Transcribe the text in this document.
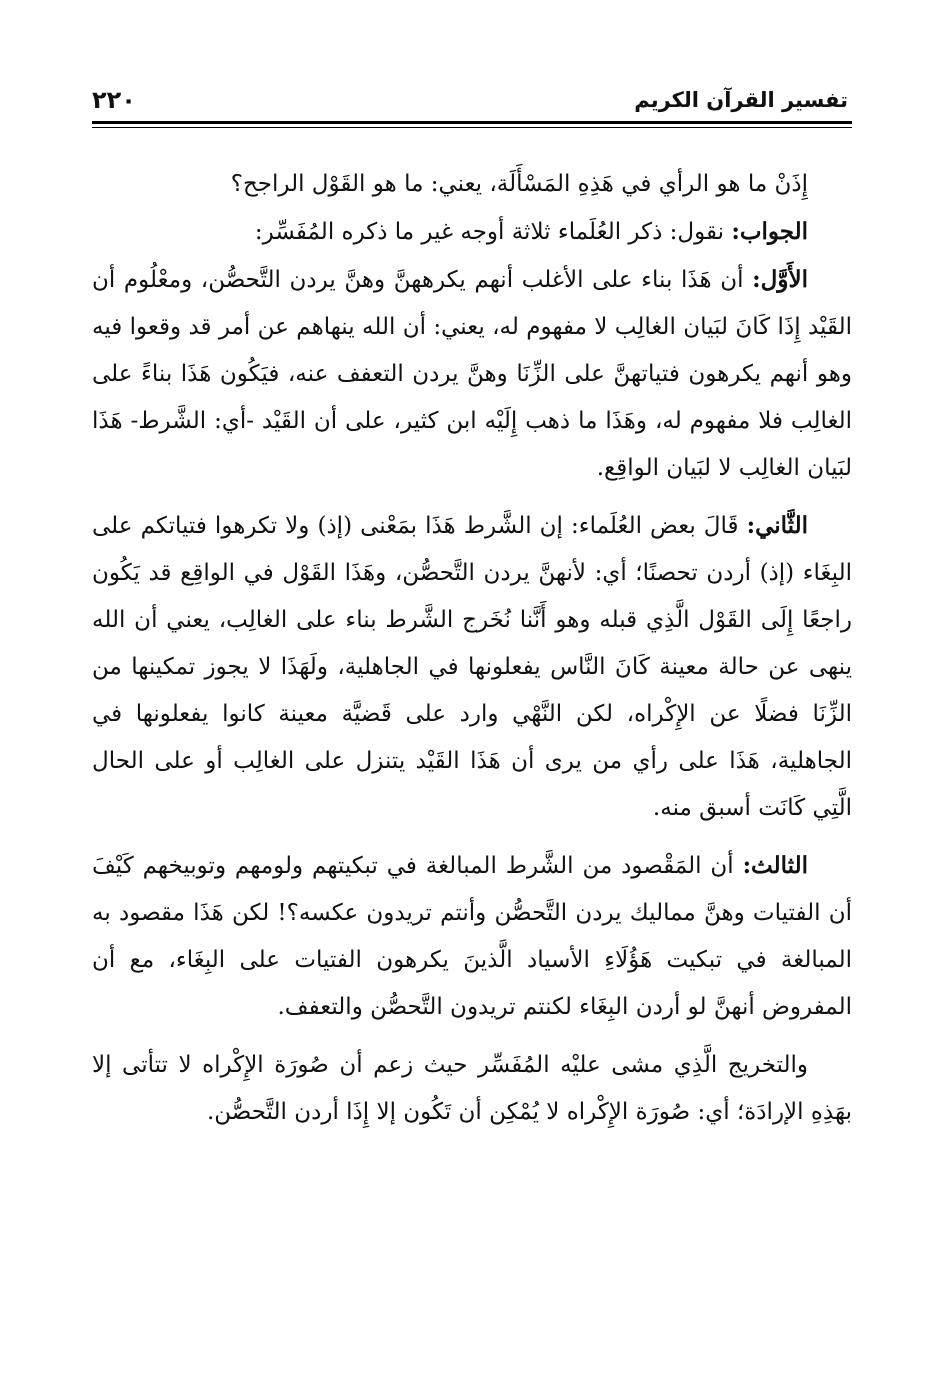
تفسير القرآن الكريم
٢٢٠

إِذَنْ ما هو الرأي في هَذِهِ المَسْأَلَة، يعني: ما هو القَوْل الراجح؟

الجواب: نقول: ذكر العُلَماء ثلاثة أوجه غير ما ذكره المُفَسِّر:

الأَوَّل: أن هَذَا بناء على الأغلب أنهم يكرههنَّ وهنَّ يردن التَّحصُّن، ومعْلُوم أن القَيْد إِذَا كَانَ لبَيان الغالِب لا مفهوم له، يعني: أن الله ينهاهم عن أمر قد وقعوا فيه وهو أنهم يكرهون فتياتهنَّ على الزِّنَا وهنَّ يردن التعفف عنه، فيَكُون هَذَا بناءً على الغالِب فلا مفهوم له، وهَذَا ما ذهب إِلَيْه ابن كثير، على أن القَيْد -أي: الشَّرط- هَذَا لبَيان الغالِب لا لبَيان الواقِع.

الثَّاني: قَالَ بعض العُلَماء: إن الشَّرط هَذَا بمَعْنى (إذ) ولا تكرهوا فتياتكم على البِغَاء (إذ) أردن تحصنًا؛ أي: لأنهنَّ يردن التَّحصُّن، وهَذَا القَوْل في الواقِع قد يَكُون راجعًا إِلَى القَوْل الَّذِي قبله وهو أَنَّنا نُخَرج الشَّرط بناء على الغالِب، يعني أن الله ينهى عن حالة معينة كَانَ النَّاس يفعلونها في الجاهلية، ولَهَذَا لا يجوز تمكينها من الزِّنَا فضلًا عن الإِكْراه، لكن النَّهْي وارد على قَضيَّة معينة كانوا يفعلونها في الجاهلية، هَذَا على رأي من يرى أن هَذَا القَيْد يتنزل على الغالِب أو على الحال الَّتِي كَانَت أسبق منه.

الثالث: أن المَقْصود من الشَّرط المبالغة في تبكيتهم ولومهم وتوبيخهم كَيْفَ أن الفتيات وهنَّ مماليك يردن التَّحصُّن وأنتم تريدون عكسه؟! لكن هَذَا مقصود به المبالغة في تبكيت هَؤُلَاءِ الأسياد الَّذينَ يكرهون الفتيات على البِغَاء، مع أن المفروض أنهنَّ لو أردن البِغَاء لكنتم تريدون التَّحصُّن والتعفف.

والتخريج الَّذِي مشى عليْه المُفَسِّر حيث زعم أن صُورَة الإِكْراه لا تتأتى إلا بهَذِهِ الإرادَة؛ أي: صُورَة الإِكْراه لا يُمْكِن أن تَكُون إلا إِذَا أردن التَّحصُّن.
